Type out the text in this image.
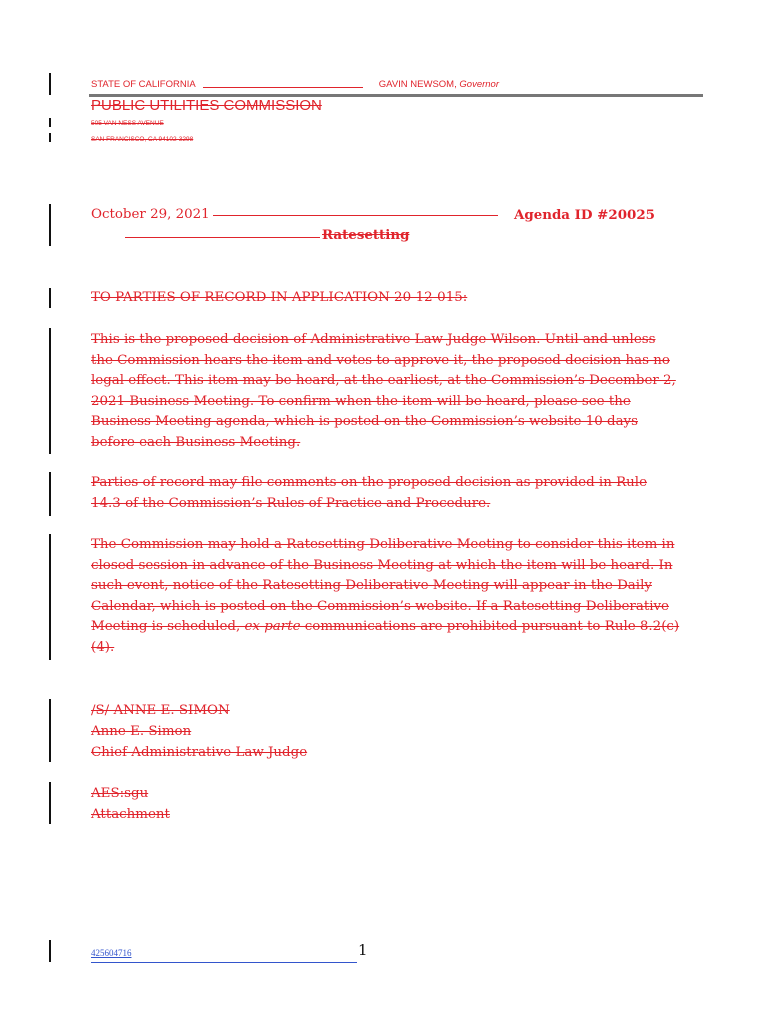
STATE OF CALIFORNIA	GAVIN NEWSOM, Governor
PUBLIC UTILITIES COMMISSION
505 VAN NESS AVENUE
SAN FRANCISCO, CA 94102-3298
October 29, 2021	Agenda ID #20025
Ratesetting
TO PARTIES OF RECORD IN APPLICATION 20-12-015:
This is the proposed decision of Administrative Law Judge Wilson. Until and unless the Commission hears the item and votes to approve it, the proposed decision has no legal effect. This item may be heard, at the earliest, at the Commission’s December 2, 2021 Business Meeting. To confirm when the item will be heard, please see the Business Meeting agenda, which is posted on the Commission’s website 10 days before each Business Meeting.
Parties of record may file comments on the proposed decision as provided in Rule 14.3 of the Commission’s Rules of Practice and Procedure.
The Commission may hold a Ratesetting Deliberative Meeting to consider this item in closed session in advance of the Business Meeting at which the item will be heard. In such event, notice of the Ratesetting Deliberative Meeting will appear in the Daily Calendar, which is posted on the Commission’s website. If a Ratesetting Deliberative Meeting is scheduled, ex parte communications are prohibited pursuant to Rule 8.2(c)(4).
/S/ ANNE E. SIMON
Anne E. Simon
Chief Administrative Law Judge
AES:sgu
Attachment
425604716	1
